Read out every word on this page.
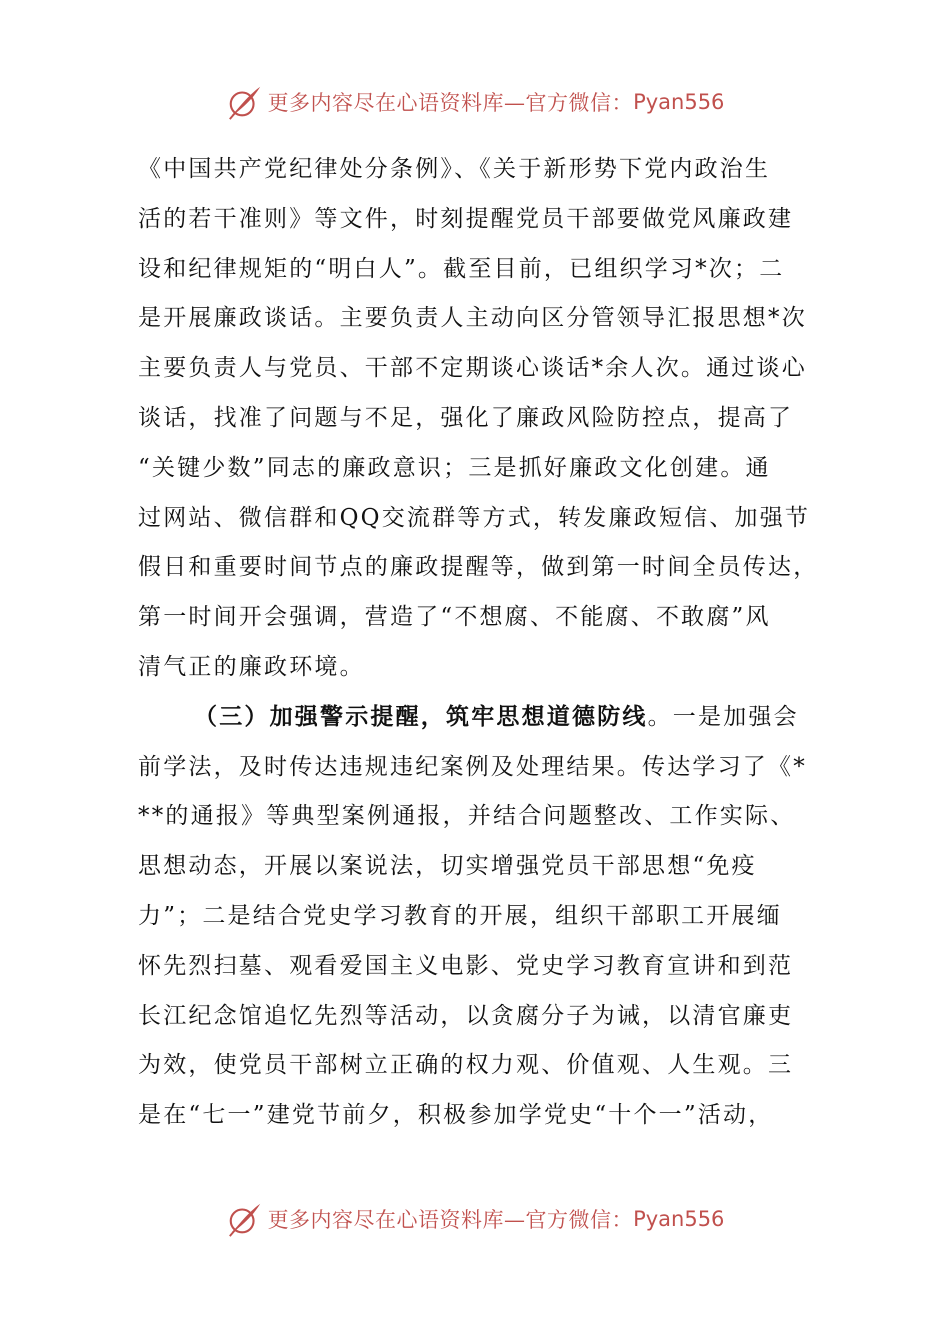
更多内容尽在心语资料库—官方微信： Pyan556
《中国共产党纪律处分条例》、《关于新形势下党内政治生
活的若干准则》等文件，时刻提醒党员干部要做党风廉政建
设和纪律规矩的“明白人”。截至目前，已组织学习*次；二
是开展廉政谈话。主要负责人主动向区分管领导汇报思想*次
主要负责人与党员、干部不定期谈心谈话*余人次。通过谈心
谈话，找准了问题与不足，强化了廉政风险防控点，提高了
“关键少数”同志的廉政意识；三是抓好廉政文化创建。通
过网站、微信群和QQ交流群等方式，转发廉政短信、加强节
假日和重要时间节点的廉政提醒等，做到第一时间全员传达，
第一时间开会强调，营造了“不想腐、不能腐、不敢腐”风
清气正的廉政环境。
（三）加强警示提醒，筑牢思想道德防线。一是加强会
前学法，及时传达违规违纪案例及处理结果。传达学习了《*
**的通报》等典型案例通报，并结合问题整改、工作实际、
思想动态，开展以案说法，切实增强党员干部思想“免疫
力”；二是结合党史学习教育的开展，组织干部职工开展缅
怀先烈扫墓、观看爱国主义电影、党史学习教育宣讲和到范
长江纪念馆追忆先烈等活动，以贪腐分子为诫，以清官廉吏
为效，使党员干部树立正确的权力观、价值观、人生观。三
是在“七一”建党节前夕，积极参加学党史“十个一”活动，
更多内容尽在心语资料库—官方微信： Pyan556
